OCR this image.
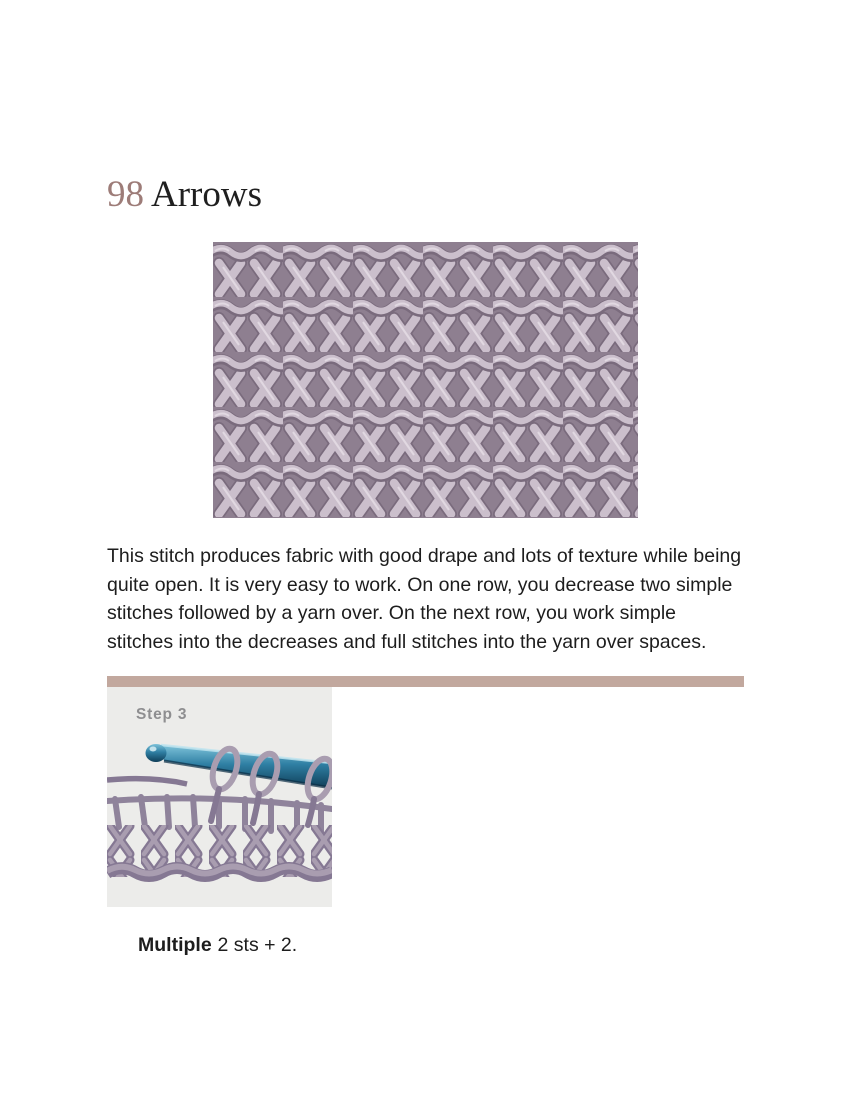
98 Arrows

This stitch produces fabric with good drape and lots of texture while being quite open. It is very easy to work. On one row, you decrease two simple stitches followed by a yarn over. On the next row, you work simple stitches into the decreases and full stitches into the yarn over spaces.

Step 3

Multiple 2 sts + 2.
